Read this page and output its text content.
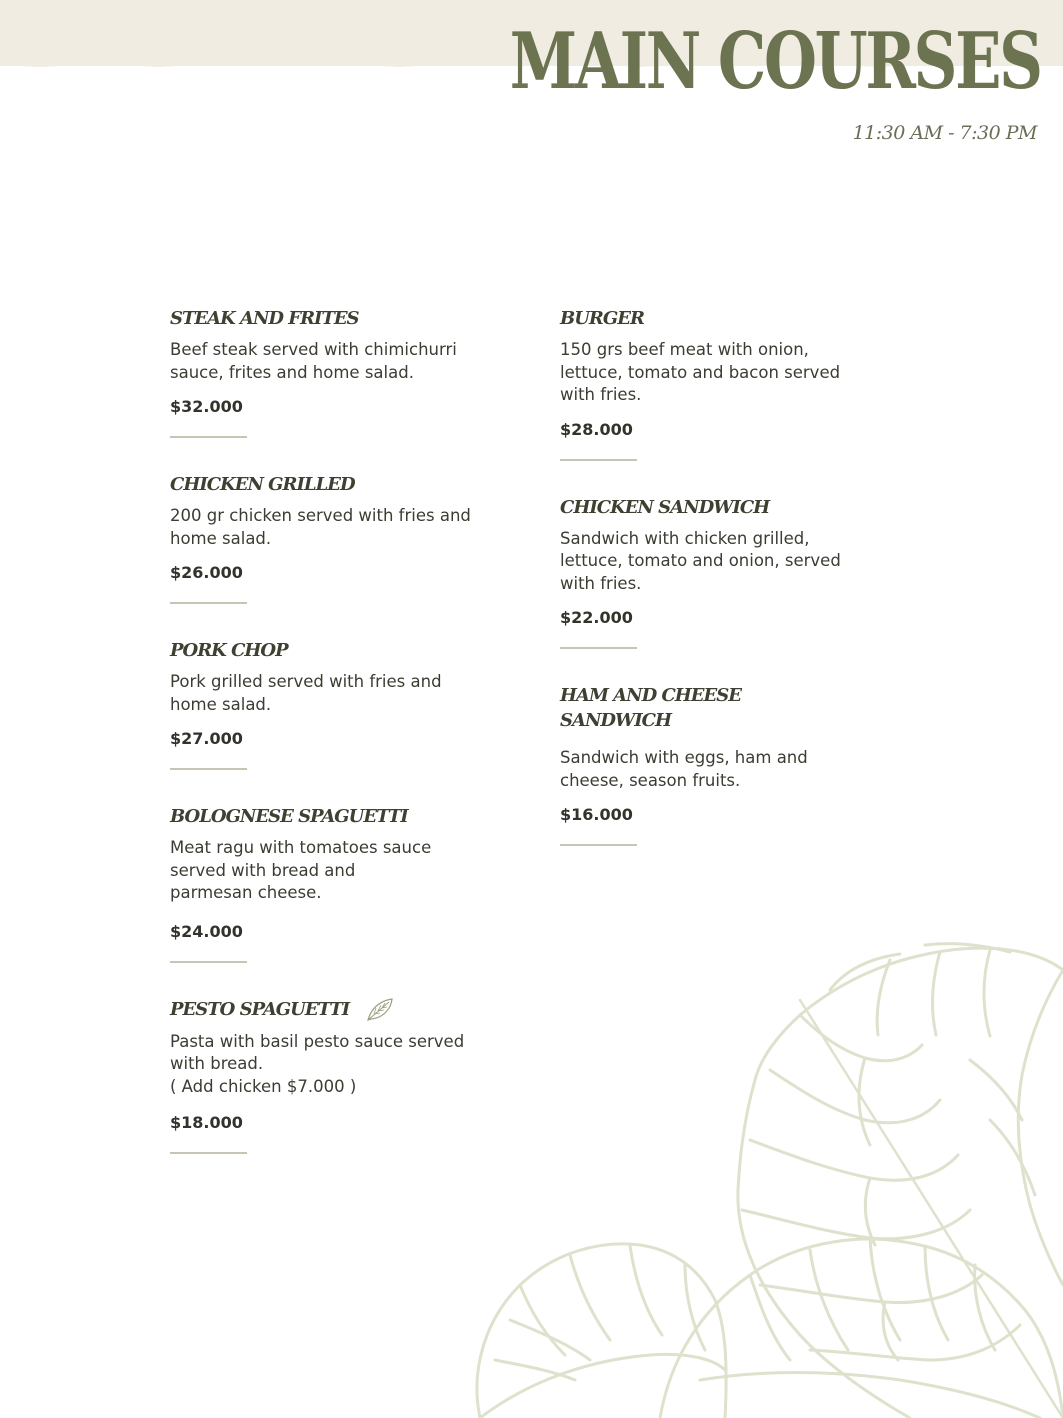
MAIN COURSES
11:30 AM - 7:30 PM
STEAK AND FRITES
Beef steak served with chimichurri
sauce, frites and home salad.
$32.000
CHICKEN GRILLED
200 gr chicken served with fries and
home salad.
$26.000
PORK CHOP
Pork grilled served with fries and
home salad.
$27.000
BOLOGNESE SPAGUETTI
Meat ragu with tomatoes sauce
served with bread and
parmesan cheese.
$24.000
PESTO SPAGUETTI
Pasta with basil pesto sauce served
with bread.
( Add chicken $7.000 )
$18.000
BURGER
150 grs beef meat with onion,
lettuce, tomato and bacon served
with fries.
$28.000
CHICKEN SANDWICH
Sandwich with chicken grilled,
lettuce, tomato and onion, served
with fries.
$22.000
HAM AND CHEESE
SANDWICH
Sandwich with eggs, ham and
cheese, season fruits.
$16.000
